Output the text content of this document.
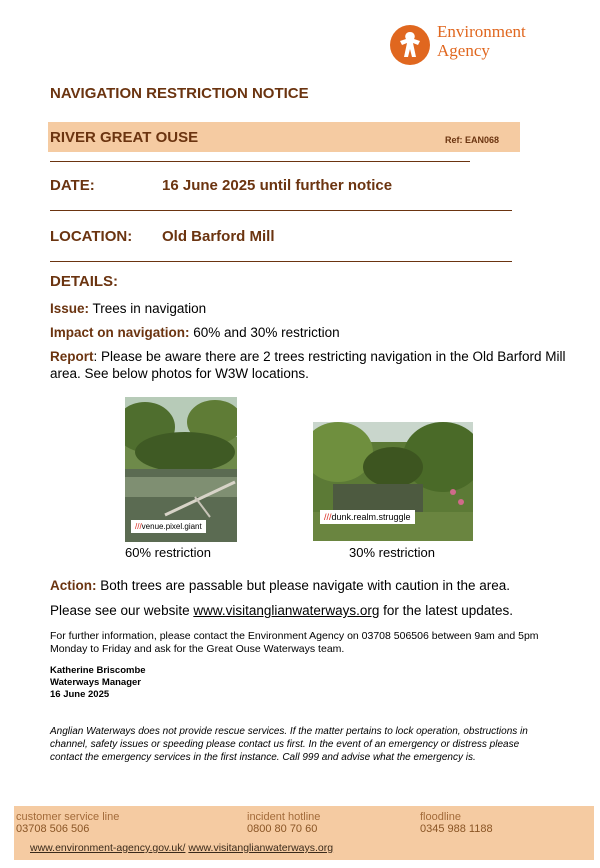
Environment
Agency
NAVIGATION RESTRICTION NOTICE
RIVER GREAT OUSE	Ref: EAN068
DATE:	16 June 2025 until further notice
LOCATION: Old Barford Mill
DETAILS:
Issue: Trees in navigation
Impact on navigation: 60% and 30% restriction
Report: Please be aware there are 2 trees restricting navigation in the Old Barford Mill area. See below photos for W3W locations.
///venue.pixel.giant
60% restriction
///dunk.realm.struggle
30% restriction
Action: Both trees are passable but please navigate with caution in the area.
Please see our website www.visitanglianwaterways.org for the latest updates.
For further information, please contact the Environment Agency on 03708 506506 between 9am and 5pm Monday to Friday and ask for the Great Ouse Waterways team.
Katherine Briscombe
Waterways Manager
16 June 2025
Anglian Waterways does not provide rescue services. If the matter pertains to lock operation, obstructions in channel, safety issues or speeding please contact us first. In the event of an emergency or distress please contact the emergency services in the first instance. Call 999 and advise what the emergency is.
customer service line
03708 506 506
incident hotline
0800 80 70 60
floodline
0345 988 1188
www.environment-agency.gov.uk/ www.visitanglianwaterways.org
